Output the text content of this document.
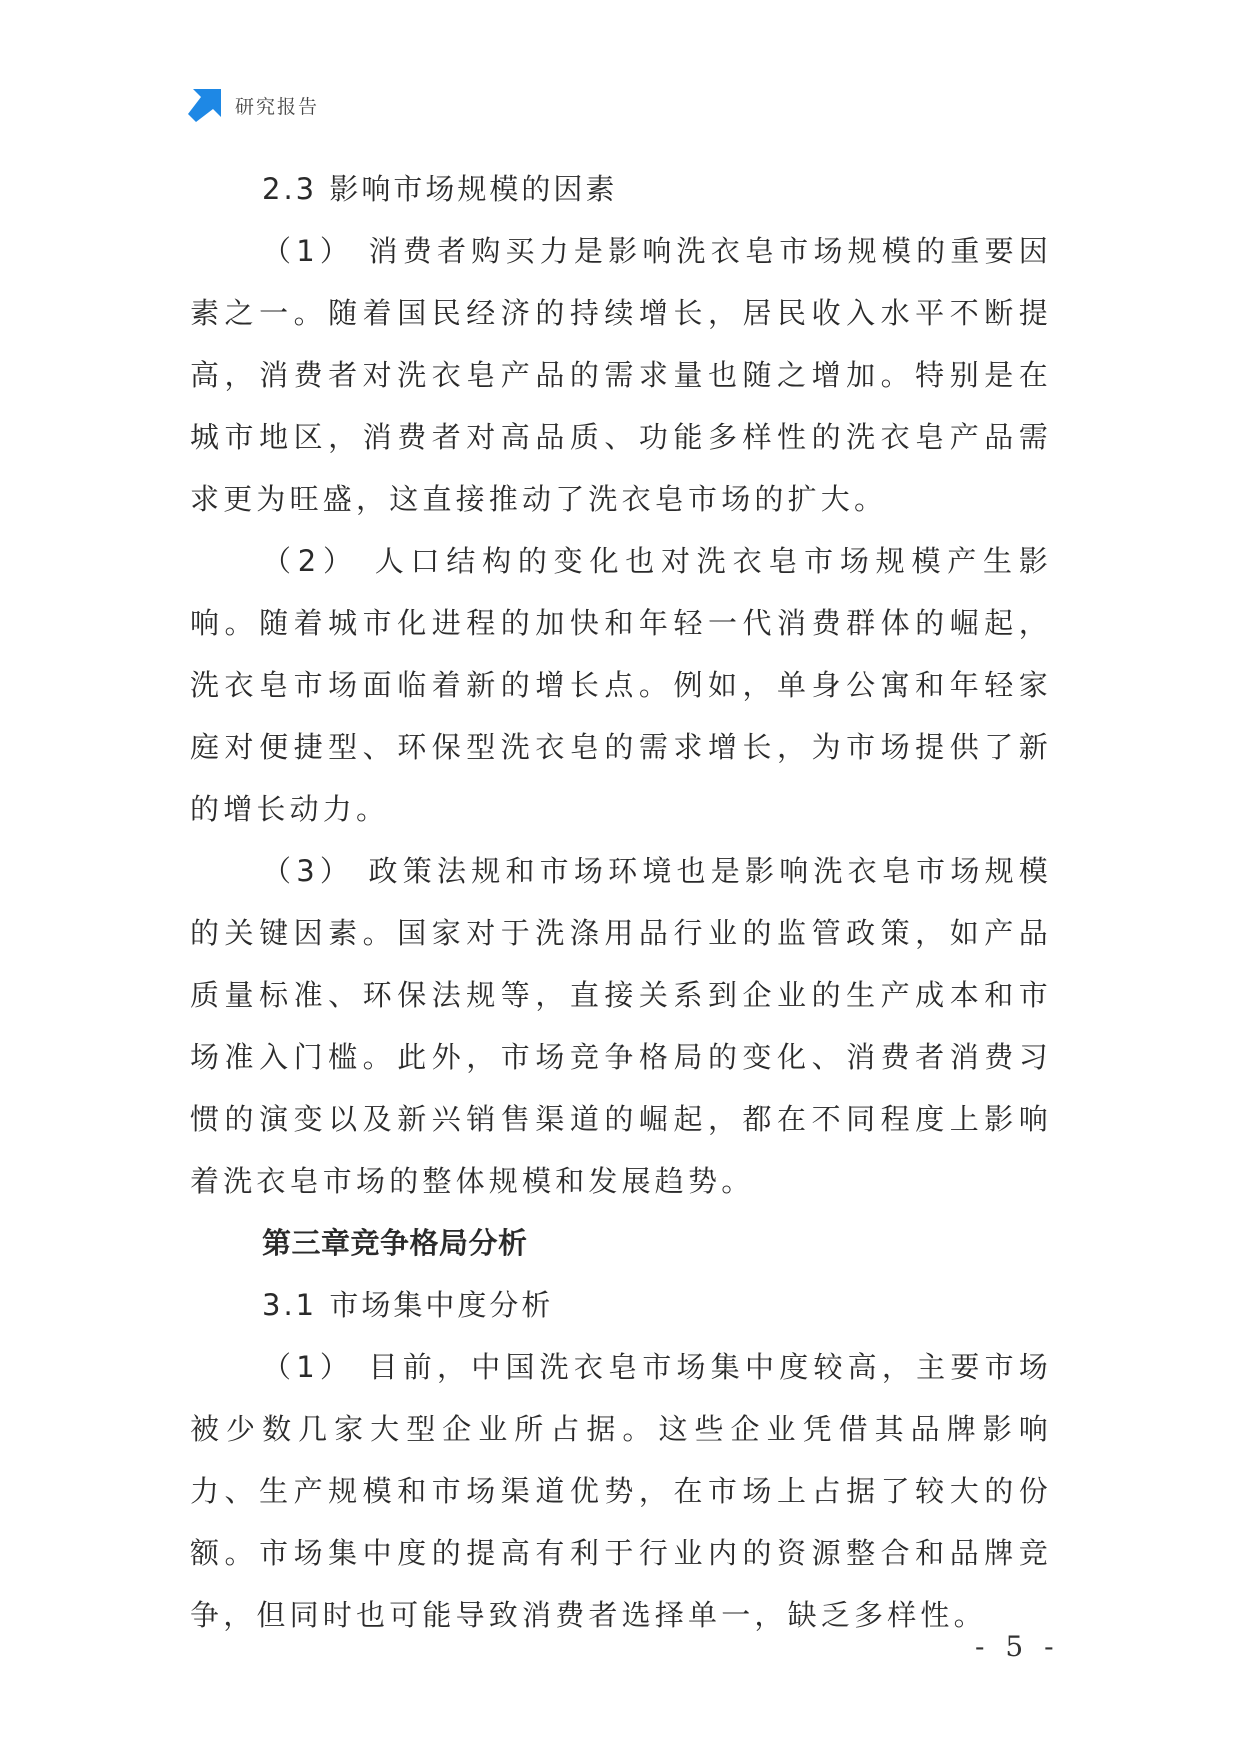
研究报告

2.3 影响市场规模的因素

（1） 消费者购买力是影响洗衣皂市场规模的重要因素之一。随着国民经济的持续增长，居民收入水平不断提高，消费者对洗衣皂产品的需求量也随之增加。特别是在城市地区，消费者对高品质、功能多样性的洗衣皂产品需求更为旺盛，这直接推动了洗衣皂市场的扩大。

（2） 人口结构的变化也对洗衣皂市场规模产生影响。随着城市化进程的加快和年轻一代消费群体的崛起，洗衣皂市场面临着新的增长点。例如，单身公寓和年轻家庭对便捷型、环保型洗衣皂的需求增长，为市场提供了新的增长动力。

（3） 政策法规和市场环境也是影响洗衣皂市场规模的关键因素。国家对于洗涤用品行业的监管政策，如产品质量标准、环保法规等，直接关系到企业的生产成本和市场准入门槛。此外，市场竞争格局的变化、消费者消费习惯的演变以及新兴销售渠道的崛起，都在不同程度上影响着洗衣皂市场的整体规模和发展趋势。

第三章竞争格局分析

3.1 市场集中度分析

（1） 目前，中国洗衣皂市场集中度较高，主要市场被少数几家大型企业所占据。这些企业凭借其品牌影响力、生产规模和市场渠道优势，在市场上占据了较大的份额。市场集中度的提高有利于行业内的资源整合和品牌竞争，但同时也可能导致消费者选择单一，缺乏多样性。

- 5 -
